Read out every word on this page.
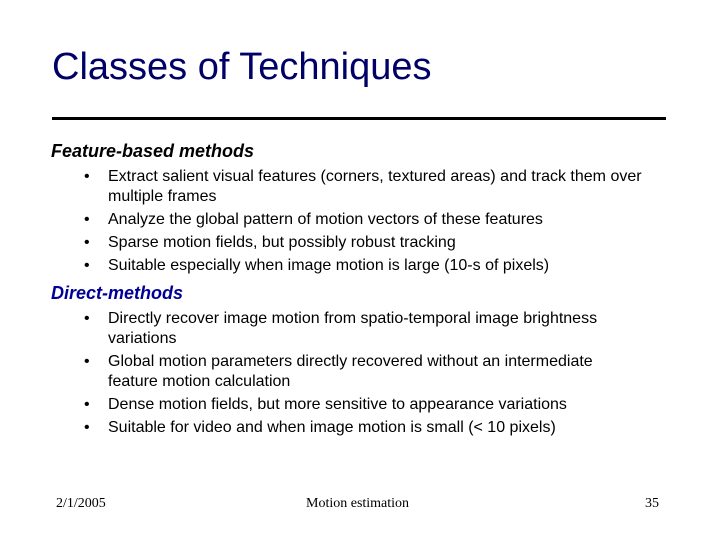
Classes of Techniques
Feature-based methods
• Extract salient visual features (corners, textured areas) and track them over multiple frames
• Analyze the global pattern of motion vectors of these features
• Sparse motion fields, but possibly robust tracking
• Suitable especially when image motion is large (10-s of pixels)
Direct-methods
• Directly recover image motion from spatio-temporal image brightness variations
• Global motion parameters directly recovered without an intermediate feature motion calculation
• Dense motion fields, but more sensitive to appearance variations
• Suitable for video and when image motion is small (< 10 pixels)
2/1/2005	Motion estimation	35
